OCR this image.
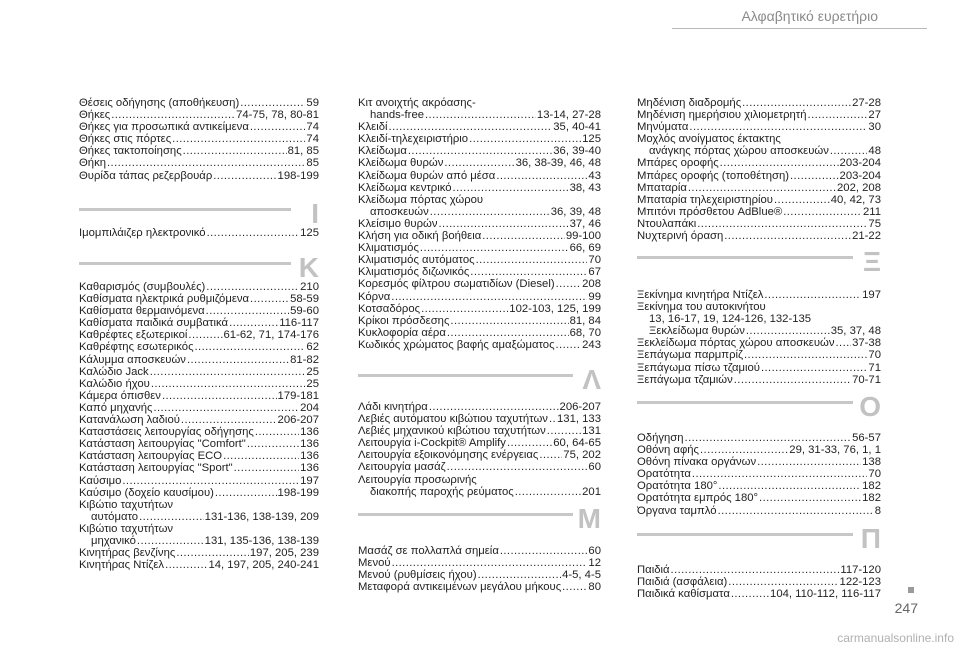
Αλφαβητικό ευρετήριο
Θέσεις οδήγησης (αποθήκευση) .....	59
Θήκες .....	74-75, 78, 80-81
Θήκες για προσωπικά αντικείμενα .....	74
Θήκες στις πόρτες .....	74
Θήκες τακτοποίησης .....	81, 85
Θήκη .....	85
Θυρίδα τάπας ρεζερβουάρ .....	198-199
Ι
Ιμομπιλάιζερ ηλεκτρονικό .....	125
Κ
Καθαρισμός (συμβουλές) .....	210
Καθίσματα ηλεκτρικά ρυθμιζόμενα .....	58-59
Καθίσματα θερμαινόμενα .....	59-60
Καθίσματα παιδικά συμβατικά .....	116-117
Καθρέφτες εξωτερικοί .....	61-62, 71, 174-176
Καθρέφτης εσωτερικός .....	62
Κάλυμμα αποσκευών .....	81-82
Καλώδιο Jack .....	25
Καλώδιο ήχου .....	25
Κάμερα όπισθεν .....	179-181
Καπό μηχανής .....	204
Κατανάλωση λαδιού .....	206-207
Καταστάσεις λειτουργίας οδήγησης .....	136
Κατάσταση λειτουργίας "Comfort" .....	136
Κατάσταση λειτουργίας ECO .....	136
Κατάσταση λειτουργίας "Sport" .....	136
Καύσιμο .....	197
Καύσιμο (δοχείο καυσίμου) .....	198-199
Κιβώτιο ταχυτήτων
αυτόματο .....	131-136, 138-139, 209
Κιβώτιο ταχυτήτων
μηχανικό .....	131, 135-136, 138-139
Κινητήρας βενζίνης .....	197, 205, 239
Κινητήρας Ντίζελ .....	14, 197, 205, 240-241
Κιτ ανοιχτής ακρόασης-
hands-free .....	13-14, 27-28
Κλειδί .....	35, 40-41
Κλειδί-τηλεχειριστήριο .....	125
Κλείδωμα .....	36, 39-40
Κλείδωμα θυρών .....	36, 38-39, 46, 48
Κλείδωμα θυρών από μέσα .....	43
Κλείδωμα κεντρικό .....	38, 43
Κλείδωμα πόρτας χώρου
αποσκευών .....	36, 39, 48
Κλείσιμο θυρών .....	37, 46
Κλήση για οδική βοήθεια .....	99-100
Κλιματισμός .....	66, 69
Κλιματισμός αυτόματος .....	70
Κλιματισμός διζωνικός .....	67
Κορεσμός φίλτρου σωματιδίων (Diesel) ..... 208
Κόρνα .....	99
Κοτσαδόρος .....	102-103, 125, 199
Κρίκοι πρόσδεσης .....	81, 84
Κυκλοφορία αέρα .....	68, 70
Κωδικός χρώματος βαφής αμαξώματος ..... 243
Λ
Λάδι κινητήρα .....	206-207
Λεβιές αυτόματου κιβώτιου ταχυτήτων ..... 131, 133
Λεβιές μηχανικού κιβώτιου ταχυτήτων .....	131
Λειτουργία i-Cockpit® Amplify .....	60, 64-65
Λειτουργία εξοικονόμησης ενέργειας ..... 75, 202
Λειτουργία μασάζ .....	60
Λειτουργία προσωρινής
διακοπής παροχής ρεύματος .....	201
Μ
Μασάζ σε πολλαπλά σημεία .....	60
Μενού .....	12
Μενού (ρυθμίσεις ήχου) .....	4-5, 4-5
Μεταφορά αντικειμένων μεγάλου μήκους ..... 80
Μηδένιση διαδρομής .....	27-28
Μηδένιση ημερήσιου χιλιομετρητή .....	27
Μηνύματα .....	30
Μοχλός ανοίγματος έκτακτης
ανάγκης πόρτας χώρου αποσκευών .....	48
Μπάρες οροφής .....	203-204
Μπάρες οροφής (τοποθέτηση) .....	203-204
Μπαταρία .....	202, 208
Μπαταρία τηλεχειριστηρίου .....	40, 42, 73
Μπιτόνι πρόσθετου AdBlue® .....	211
Ντουλαπάκι .....	75
Νυχτερινή όραση .....	21-22
Ξ
Ξεκίνημα κινητήρα Ντίζελ .....	197
Ξεκίνημα του αυτοκινήτου
13, 16-17, 19, 124-126, 132-135
Ξεκλείδωμα θυρών .....	35, 37, 48
Ξεκλείδωμα πόρτας χώρου αποσκευών ..... 37-38
Ξεπάγωμα παρμπρίζ .....	70
Ξεπάγωμα πίσω τζαμιού .....	71
Ξεπάγωμα τζαμιών .....	70-71
Ο
Οδήγηση .....	56-57
Οθόνη αφής .....	29, 31-33, 76, 1, 1
Οθόνη πίνακα οργάνων .....	138
Ορατότητα .....	70
Ορατότητα 180° .....	182
Ορατότητα εμπρός 180° .....	182
Όργανα ταμπλό .....	8
Π
Παιδιά .....	117-120
Παιδιά (ασφάλεια) .....	122-123
Παιδικά καθίσματα .....	104, 110-112, 116-117
247
carmanualsonline.info
